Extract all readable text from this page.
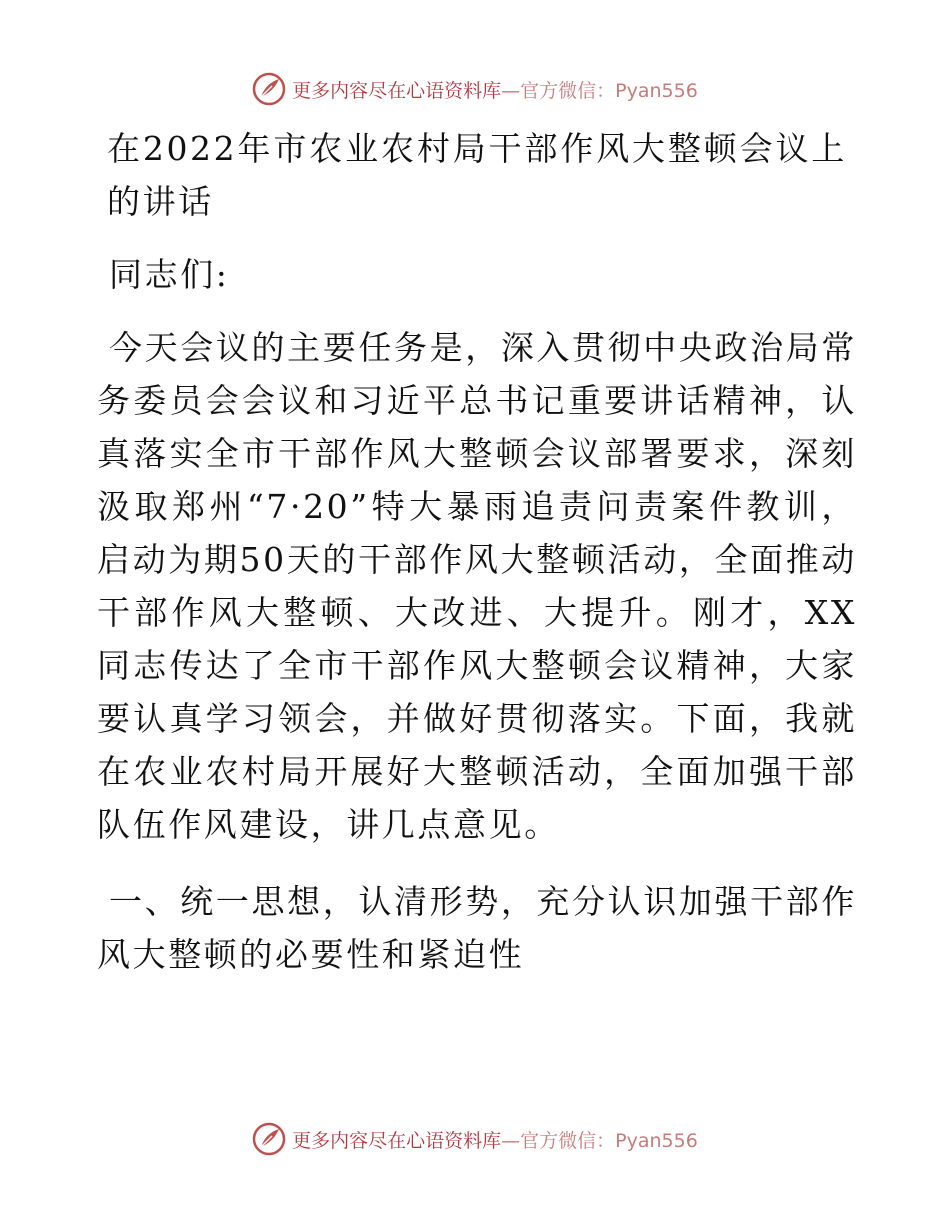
更多内容尽在心语资料库—官方微信：Pyan556

在2022年市农业农村局干部作风大整顿会议上的讲话

同志们:

今天会议的主要任务是，深入贯彻中央政治局常务委员会会议和习近平总书记重要讲话精神，认真落实全市干部作风大整顿会议部署要求，深刻汲取郑州“7·20”特大暴雨追责问责案件教训，启动为期50天的干部作风大整顿活动，全面推动干部作风大整顿、大改进、大提升。刚才，XX同志传达了全市干部作风大整顿会议精神，大家要认真学习领会，并做好贯彻落实。下面，我就在农业农村局开展好大整顿活动，全面加强干部队伍作风建设，讲几点意见。

一、统一思想，认清形势，充分认识加强干部作风大整顿的必要性和紧迫性

更多内容尽在心语资料库—官方微信：Pyan556
